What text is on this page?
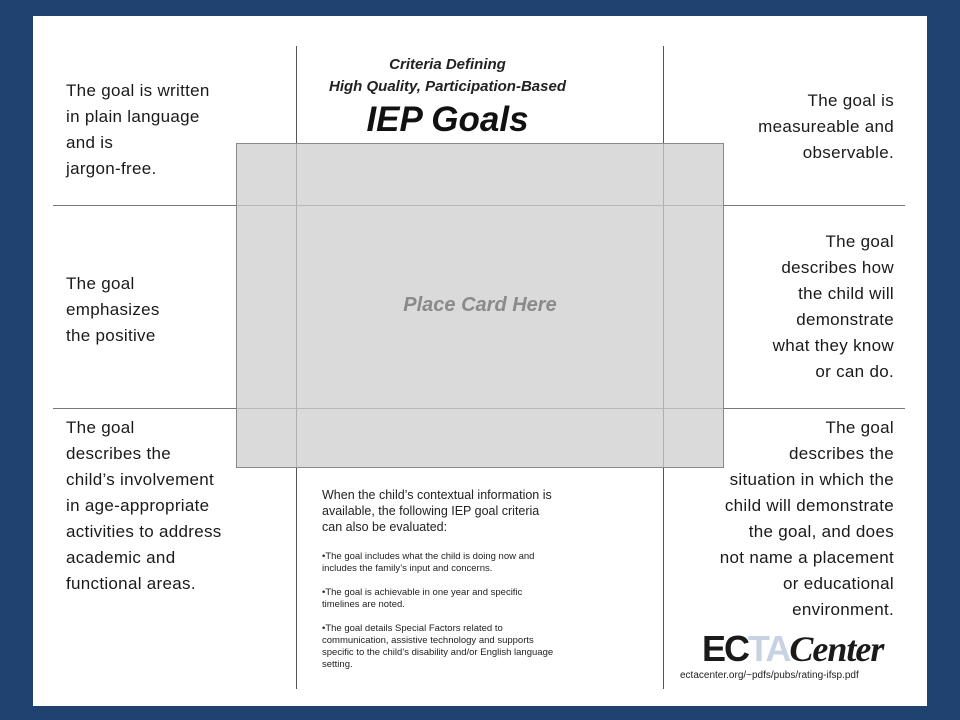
Criteria Defining
High Quality, Participation-Based
IEP Goals
The goal is written
in plain language
and is
jargon-free.
The goal is
measureable and
observable.
The goal
emphasizes
the positive
The goal
describes how
the child will
demonstrate
what they know
or can do.
The goal
describes the
child’s involvement
in age-appropriate
activities to address
academic and
functional areas.
The goal
describes the
situation in which the
child will demonstrate
the goal, and does
not name a placement
or educational
environment.
When the child’s contextual information is
available, the following IEP goal criteria
can also be evaluated:
•The goal includes what the child is doing now and
includes the family’s input and concerns.
•The goal is achievable in one year and specific
timelines are noted.
•The goal details Special Factors related to
communication, assistive technology and supports
specific to the child’s disability and/or English language
setting.
Place Card Here
ECTACenter
ectacenter.org/~pdfs/pubs/rating-ifsp.pdf
